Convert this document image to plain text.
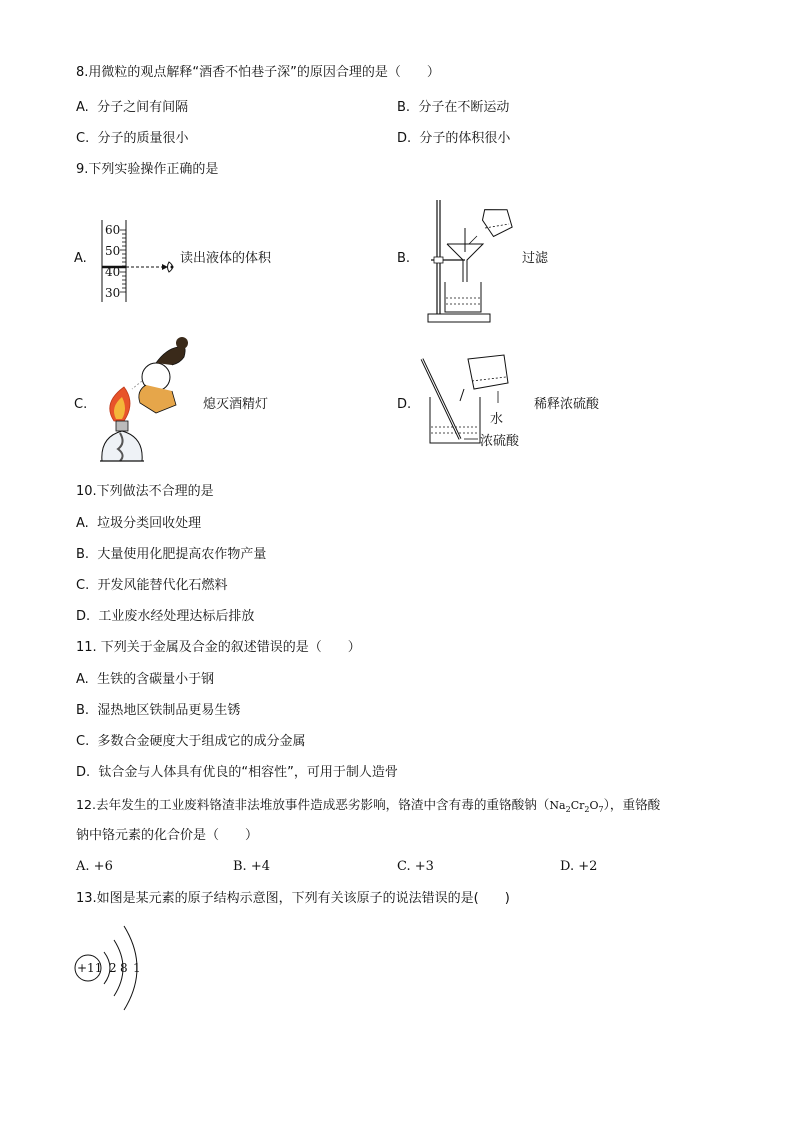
8.用微粒的观点解释“酒香不怕巷子深”的原因合理的是（　　）
A. 分子之间有间隔	B. 分子在不断运动
C. 分子的质量很小	D. 分子的体积很小
9.下列实验操作正确的是
A.
60
50
40
30
读出液体的体积	B.	过滤
C.	熄灭酒精灯	D.	稀释浓硫酸
水
浓硫酸
10.下列做法不合理的是
A. 垃圾分类回收处理
B. 大量使用化肥提高农作物产量
C. 开发风能替代化石燃料
D. 工业废水经处理达标后排放
11. 下列关于金属及合金的叙述错误的是（　　）
A. 生铁的含碳量小于钢
B. 湿热地区铁制品更易生锈
C. 多数合金硬度大于组成它的成分金属
D. 钛合金与人体具有优良的“相容性”，可用于制人造骨
12.去年发生的工业废料铬渣非法堆放事件造成恶劣影响，铬渣中含有毒的重铬酸钠$(Na_2Cr_2O_7)$，重铬酸
钠中铬元素的化合价是（　　）
A. +6	B. +4	C. +3	D. +2
13.如图是某元素的原子结构示意图，下列有关该原子的说法错误的是(　　)
+11 2 8 1
